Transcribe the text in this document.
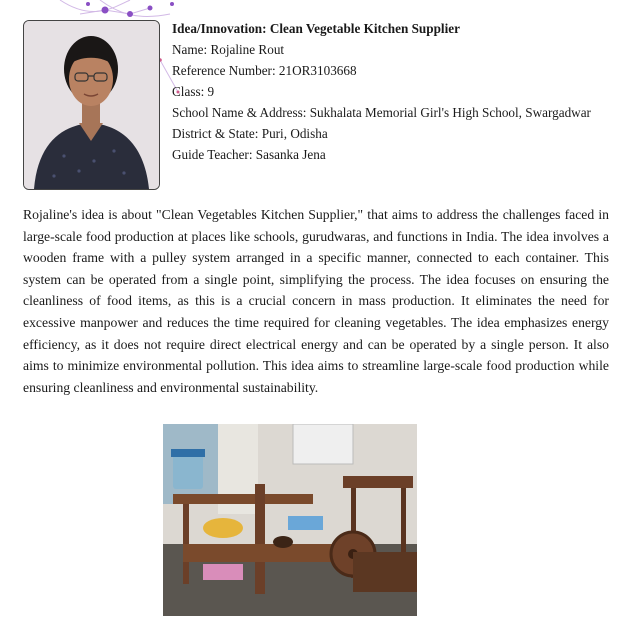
Idea/Innovation: Clean Vegetable Kitchen Supplier
Name: Rojaline Rout
Reference Number: 21OR3103668
Class: 9
School Name & Address: Sukhalata Memorial Girl's High School, Swargadwar
District & State: Puri, Odisha
Guide Teacher: Sasanka Jena

Rojaline's idea is about "Clean Vegetables Kitchen Supplier," that aims to address the challenges faced in large-scale food production at places like schools, gurudwaras, and functions in India. The idea involves a wooden frame with a pulley system arranged in a specific manner, connected to each container. This system can be operated from a single point, simplifying the process. The idea focuses on ensuring the cleanliness of food items, as this is a crucial concern in mass production. It eliminates the need for excessive manpower and reduces the time required for cleaning vegetables. The idea emphasizes energy efficiency, as it does not require direct electrical energy and can be operated by a single person. It also aims to minimize environmental pollution. This idea aims to streamline large-scale food production while ensuring cleanliness and environmental sustainability.
